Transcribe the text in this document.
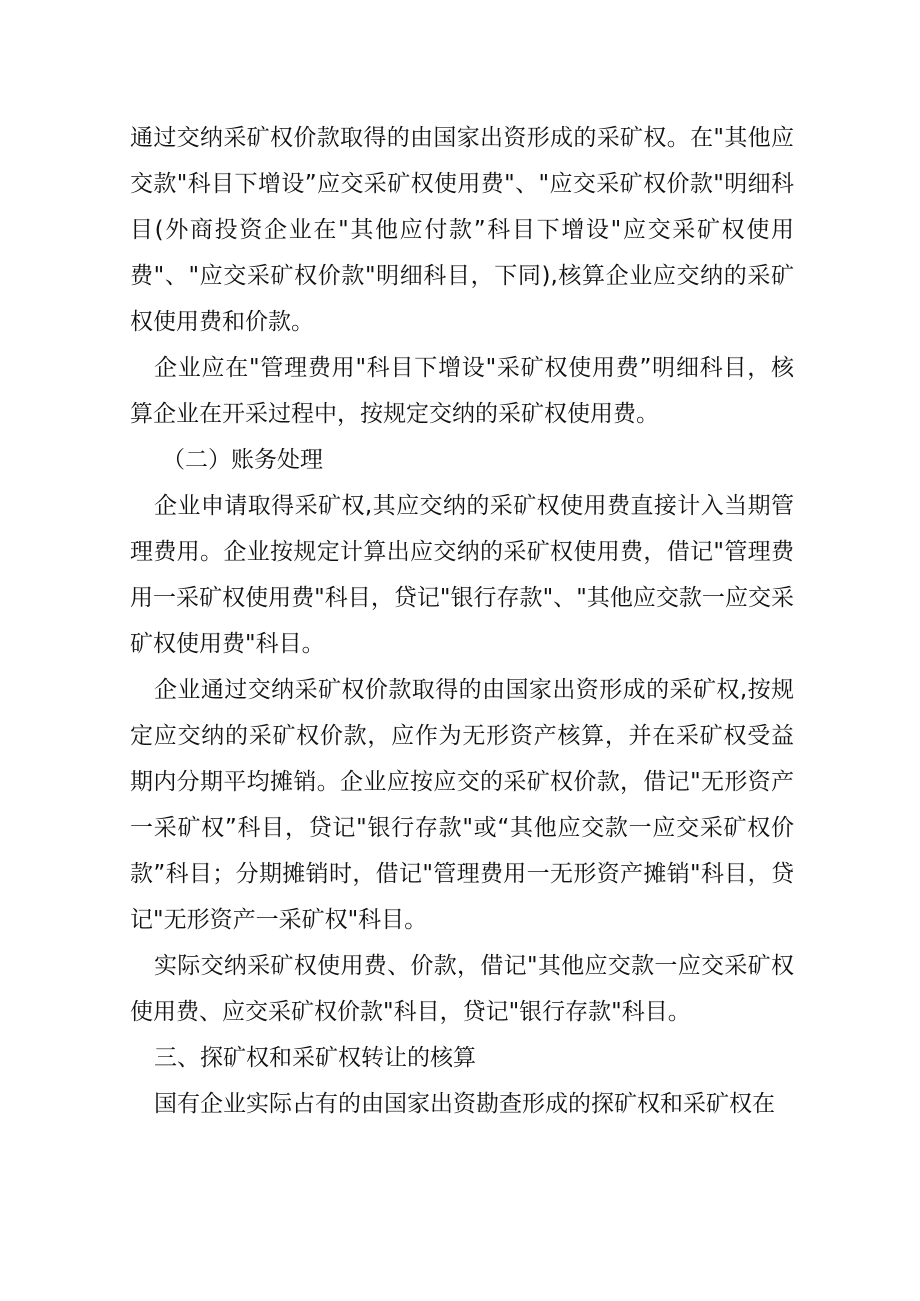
通过交纳采矿权价款取得的由国家出资形成的采矿权。在"其他应交款"科目下增设”应交采矿权使用费"、"应交采矿权价款"明细科目(外商投资企业在"其他应付款”科目下增设"应交采矿权使用费"、"应交采矿权价款"明细科目，下同),核算企业应交纳的采矿权使用费和价款。

企业应在"管理费用"科目下增设"采矿权使用费”明细科目，核算企业在开采过程中，按规定交纳的采矿权使用费。

（二）账务处理

企业申请取得采矿权,其应交纳的采矿权使用费直接计入当期管理费用。企业按规定计算出应交纳的采矿权使用费，借记"管理费用一采矿权使用费"科目，贷记"银行存款"、"其他应交款一应交采矿权使用费"科目。

企业通过交纳采矿权价款取得的由国家出资形成的采矿权,按规定应交纳的采矿权价款，应作为无形资产核算，并在采矿权受益期内分期平均摊销。企业应按应交的采矿权价款，借记"无形资产一采矿权”科目，贷记"银行存款"或“其他应交款一应交采矿权价款”科目；分期摊销时，借记"管理费用一无形资产摊销"科目，贷记"无形资产一采矿权"科目。

实际交纳采矿权使用费、价款，借记"其他应交款一应交采矿权使用费、应交采矿权价款"科目，贷记"银行存款"科目。

三、探矿权和采矿权转让的核算

国有企业实际占有的由国家出资勘查形成的探矿权和采矿权在
